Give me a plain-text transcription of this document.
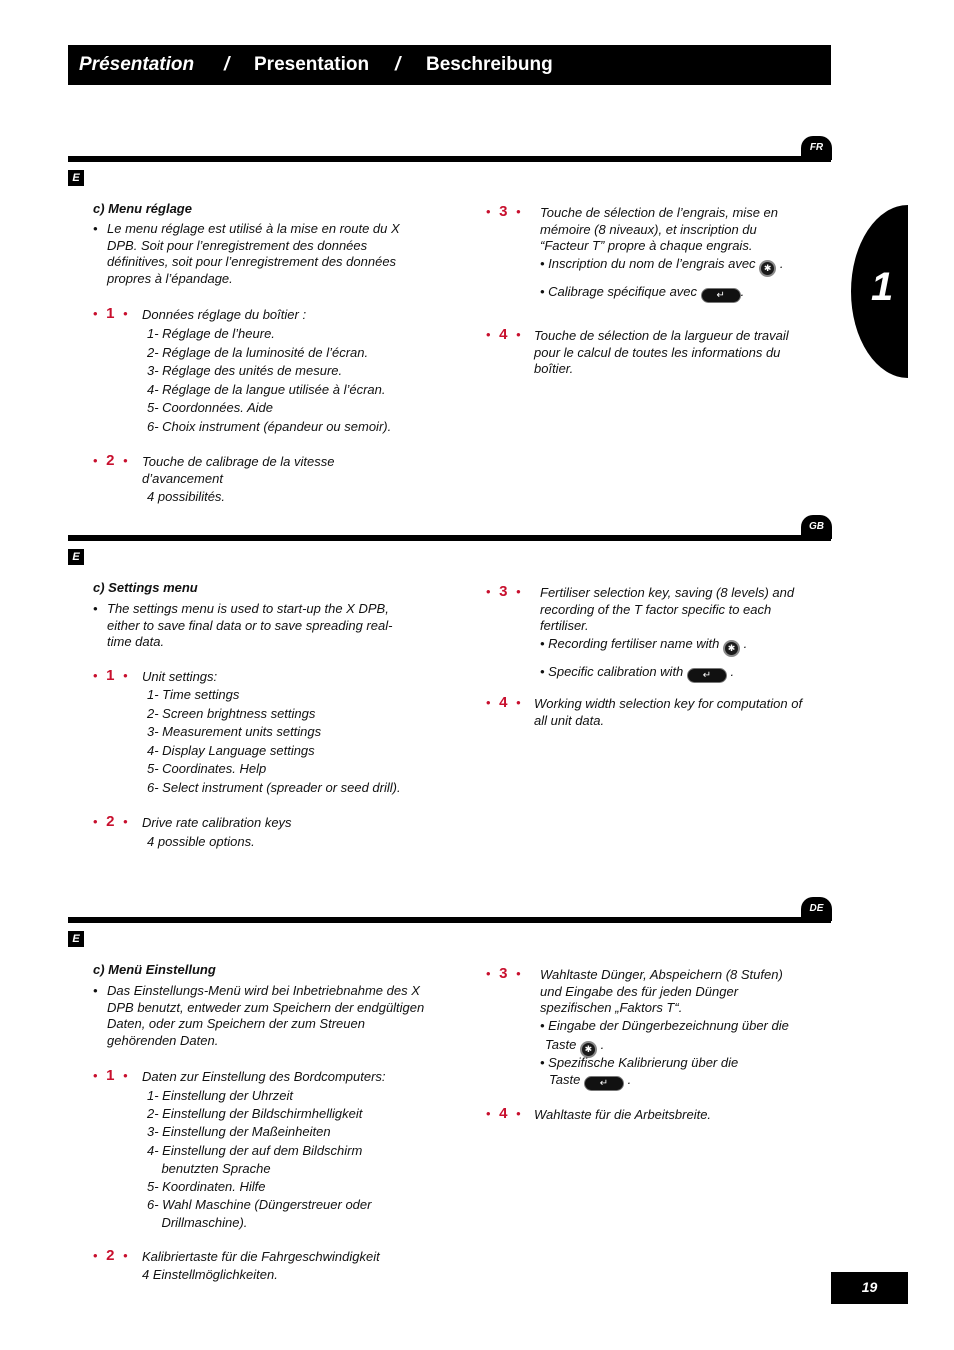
Présentation / Presentation / Beschreibung
1
FR
E
c) Menu réglage
• Le menu réglage est utilisé à la mise en route du X DPB. Soit pour l’enregistrement des données définitives, soit pour l’enregistrement des données propres à l’épandage.
• 1 • Données réglage du boîtier :
1- Réglage de l’heure.
2- Réglage de la luminosité de l’écran.
3- Réglage des unités de mesure.
4- Réglage de la langue utilisée à l’écran.
5- Coordonnées. Aide
6- Choix instrument (épandeur ou semoir).
• 2 • Touche de calibrage de la vitesse d’avancement
4 possibilités.
• 3 • Touche de sélection de l’engrais, mise en mémoire (8 niveaux), et inscription du “Facteur T” propre à chaque engrais.
• Inscription du nom de l’engrais avec ✱ .
• Calibrage spécifique avec ↵ .
• 4 • Touche de sélection de la largueur de travail pour le calcul de toutes les informations du boîtier.
GB
E
c) Settings menu
• The settings menu is used to start-up the X DPB, either to save final data or to save spreading real-time data.
• 1 • Unit settings:
1- Time settings
2- Screen brightness settings
3- Measurement units settings
4- Display Language settings
5- Coordinates. Help
6- Select instrument (spreader or seed drill).
• 2 • Drive rate calibration keys
4 possible options.
• 3 • Fertiliser selection key, saving (8 levels) and recording of the T factor specific to each fertiliser.
• Recording fertiliser name with ✱ .
• Specific calibration with ↵ .
• 4 • Working width selection key for computation of all unit data.
DE
E
c) Menü Einstellung
• Das Einstellungs-Menü wird bei Inbetriebnahme des X DPB benutzt, entweder zum Speichern der endgültigen Daten, oder zum Speichern der zum Streuen gehörenden Daten.
• 1 • Daten zur Einstellung des Bordcomputers:
1- Einstellung der Uhrzeit
2- Einstellung der Bildschirmhelligkeit
3- Einstellung der Maßeinheiten
4- Einstellung der auf dem Bildschirm
benutzten Sprache
5- Koordinaten. Hilfe
6- Wahl Maschine (Düngerstreuer oder
Drillmaschine).
• 2 • Kalibriertaste für die Fahrgeschwindigkeit
4 Einstellmöglichkeiten.
• 3 • Wahltaste Dünger, Abspeichern (8 Stufen) und Eingabe des für jeden Dünger spezifischen „Faktors T“.
• Eingabe der Düngerbezeichnung über die
Taste ✱ .
• Spezifische Kalibrierung über die
Taste ↵ .
• 4 • Wahltaste für die Arbeitsbreite.
19
